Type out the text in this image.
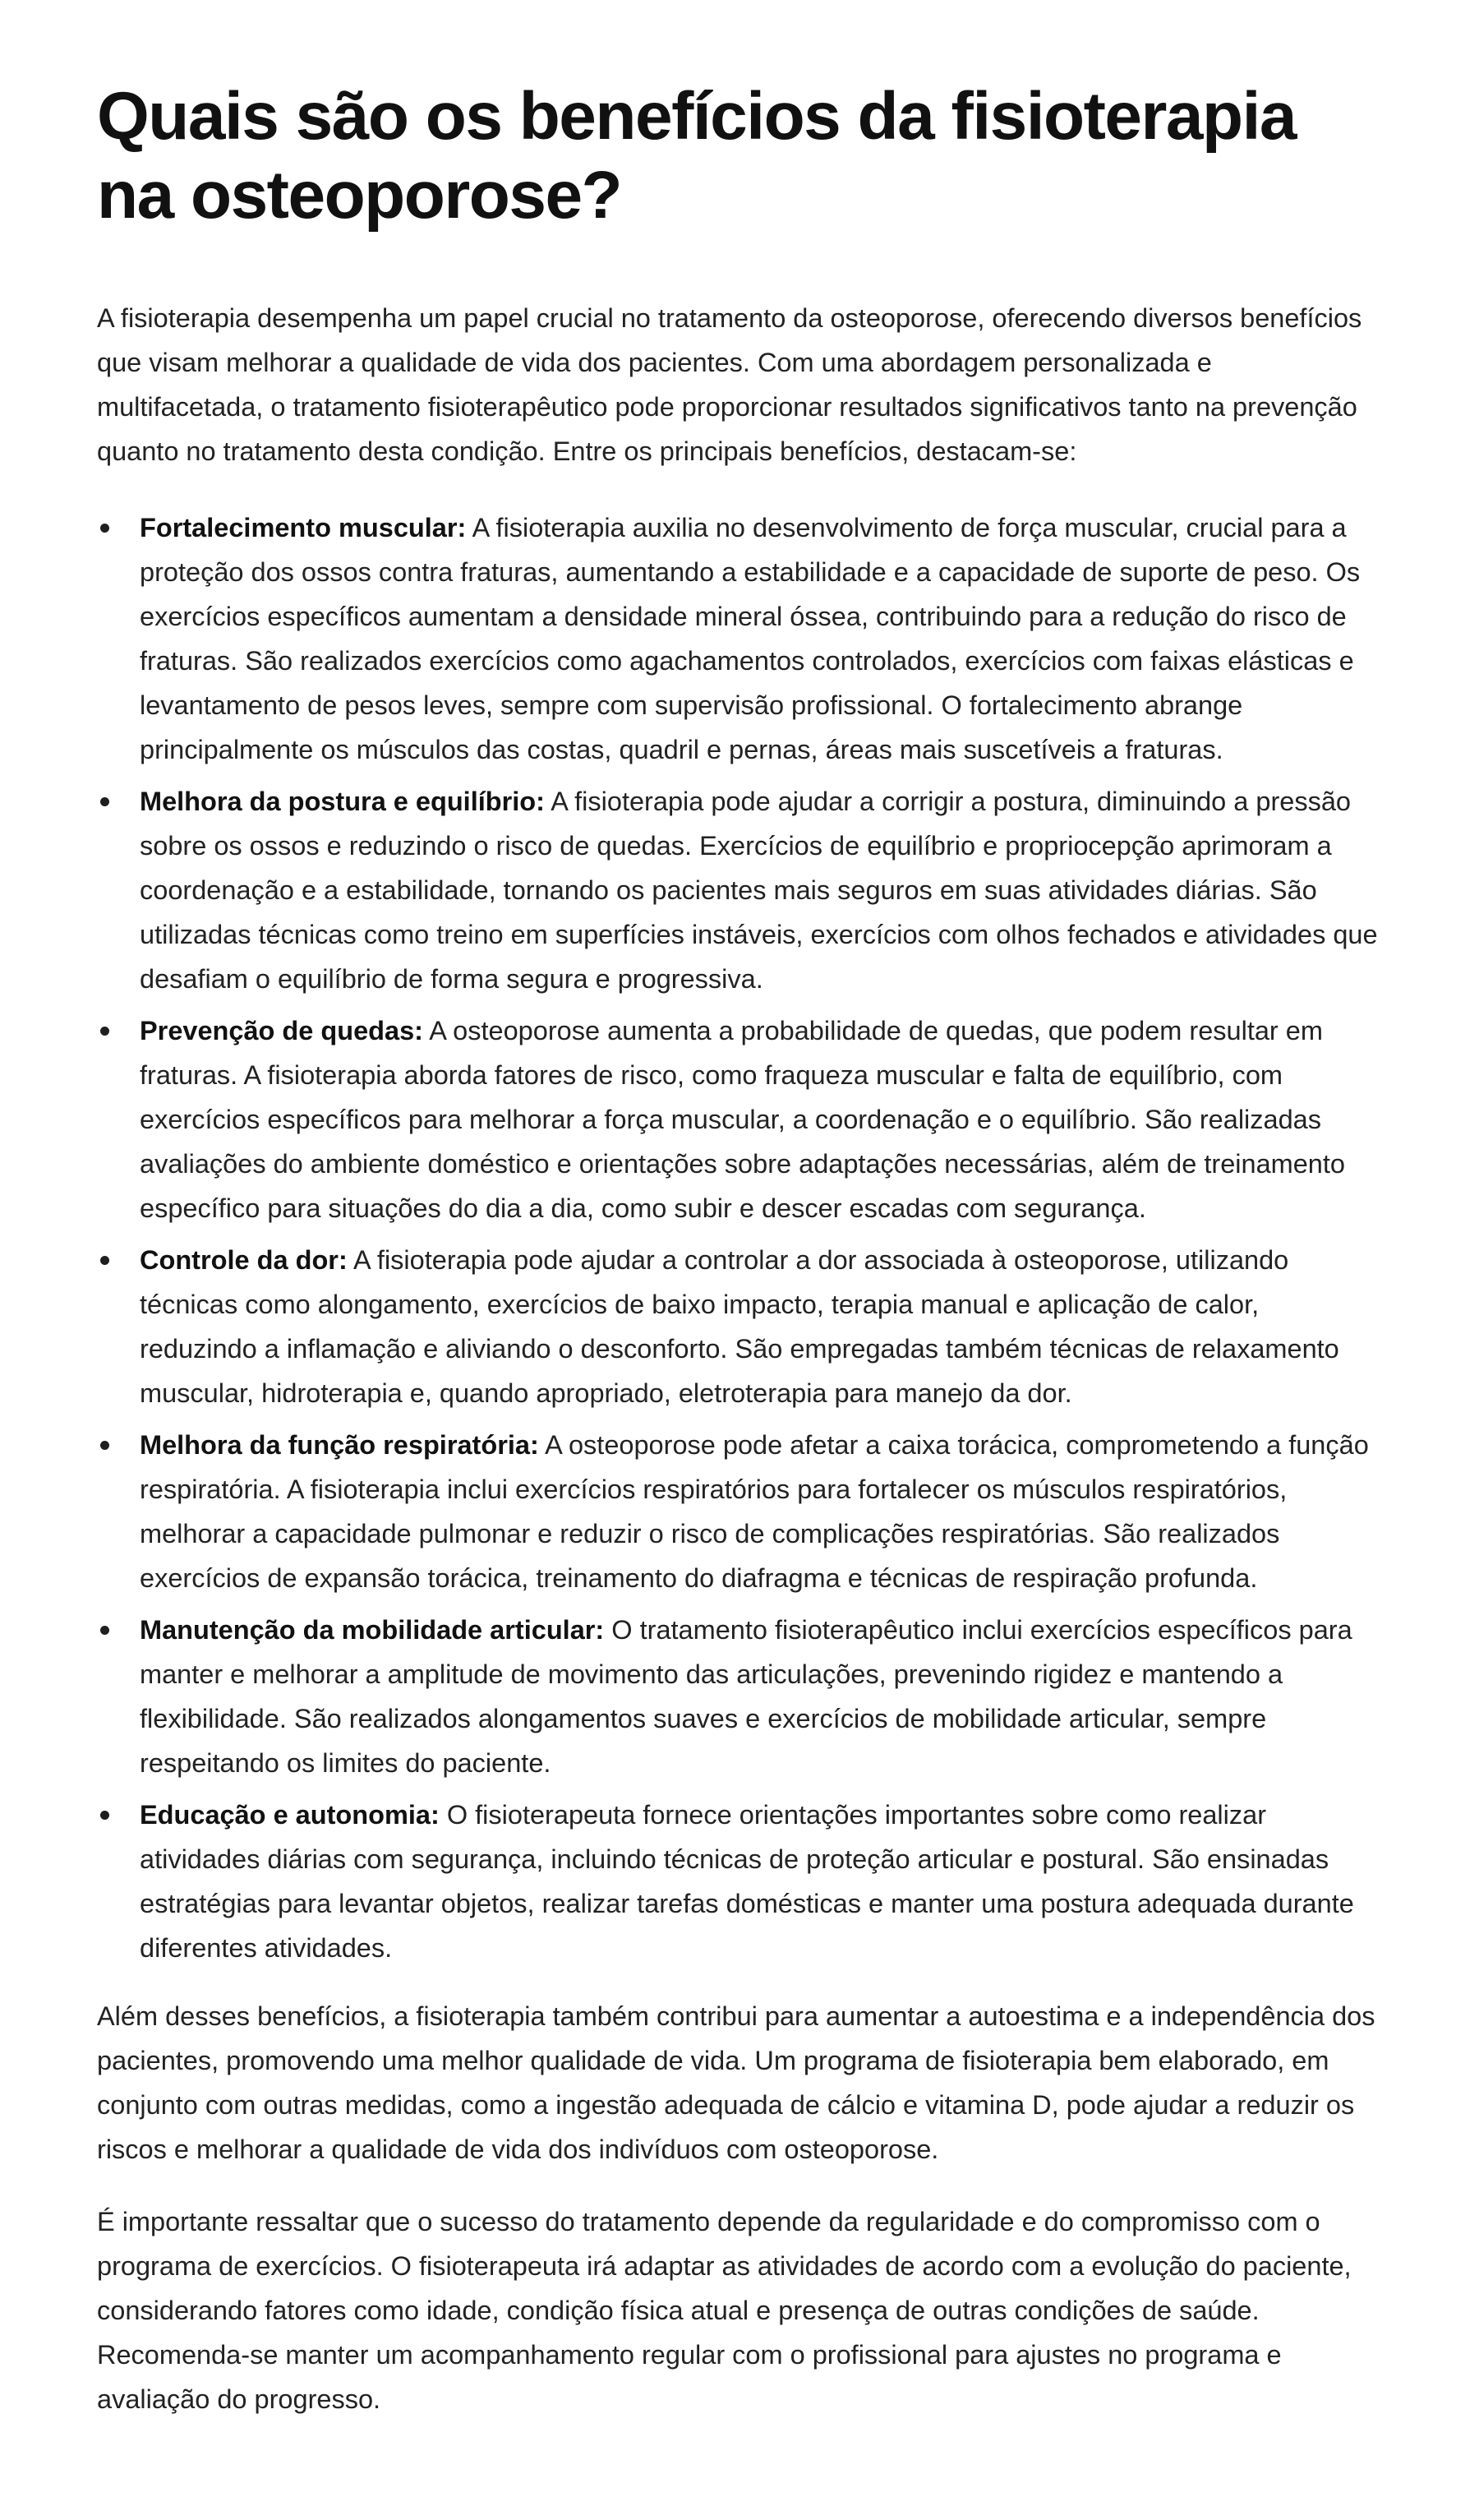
Quais são os benefícios da fisioterapia na osteoporose?

A fisioterapia desempenha um papel crucial no tratamento da osteoporose, oferecendo diversos benefícios que visam melhorar a qualidade de vida dos pacientes. Com uma abordagem personalizada e multifacetada, o tratamento fisioterapêutico pode proporcionar resultados significativos tanto na prevenção quanto no tratamento desta condição. Entre os principais benefícios, destacam-se:

Fortalecimento muscular: A fisioterapia auxilia no desenvolvimento de força muscular, crucial para a proteção dos ossos contra fraturas, aumentando a estabilidade e a capacidade de suporte de peso. Os exercícios específicos aumentam a densidade mineral óssea, contribuindo para a redução do risco de fraturas. São realizados exercícios como agachamentos controlados, exercícios com faixas elásticas e levantamento de pesos leves, sempre com supervisão profissional. O fortalecimento abrange principalmente os músculos das costas, quadril e pernas, áreas mais suscetíveis a fraturas.
Melhora da postura e equilíbrio: A fisioterapia pode ajudar a corrigir a postura, diminuindo a pressão sobre os ossos e reduzindo o risco de quedas. Exercícios de equilíbrio e propriocepção aprimoram a coordenação e a estabilidade, tornando os pacientes mais seguros em suas atividades diárias. São utilizadas técnicas como treino em superfícies instáveis, exercícios com olhos fechados e atividades que desafiam o equilíbrio de forma segura e progressiva.
Prevenção de quedas: A osteoporose aumenta a probabilidade de quedas, que podem resultar em fraturas. A fisioterapia aborda fatores de risco, como fraqueza muscular e falta de equilíbrio, com exercícios específicos para melhorar a força muscular, a coordenação e o equilíbrio. São realizadas avaliações do ambiente doméstico e orientações sobre adaptações necessárias, além de treinamento específico para situações do dia a dia, como subir e descer escadas com segurança.
Controle da dor: A fisioterapia pode ajudar a controlar a dor associada à osteoporose, utilizando técnicas como alongamento, exercícios de baixo impacto, terapia manual e aplicação de calor, reduzindo a inflamação e aliviando o desconforto. São empregadas também técnicas de relaxamento muscular, hidroterapia e, quando apropriado, eletroterapia para manejo da dor.
Melhora da função respiratória: A osteoporose pode afetar a caixa torácica, comprometendo a função respiratória. A fisioterapia inclui exercícios respiratórios para fortalecer os músculos respiratórios, melhorar a capacidade pulmonar e reduzir o risco de complicações respiratórias. São realizados exercícios de expansão torácica, treinamento do diafragma e técnicas de respiração profunda.
Manutenção da mobilidade articular: O tratamento fisioterapêutico inclui exercícios específicos para manter e melhorar a amplitude de movimento das articulações, prevenindo rigidez e mantendo a flexibilidade. São realizados alongamentos suaves e exercícios de mobilidade articular, sempre respeitando os limites do paciente.
Educação e autonomia: O fisioterapeuta fornece orientações importantes sobre como realizar atividades diárias com segurança, incluindo técnicas de proteção articular e postural. São ensinadas estratégias para levantar objetos, realizar tarefas domésticas e manter uma postura adequada durante diferentes atividades.

Além desses benefícios, a fisioterapia também contribui para aumentar a autoestima e a independência dos pacientes, promovendo uma melhor qualidade de vida. Um programa de fisioterapia bem elaborado, em conjunto com outras medidas, como a ingestão adequada de cálcio e vitamina D, pode ajudar a reduzir os riscos e melhorar a qualidade de vida dos indivíduos com osteoporose.

É importante ressaltar que o sucesso do tratamento depende da regularidade e do compromisso com o programa de exercícios. O fisioterapeuta irá adaptar as atividades de acordo com a evolução do paciente, considerando fatores como idade, condição física atual e presença de outras condições de saúde. Recomenda-se manter um acompanhamento regular com o profissional para ajustes no programa e avaliação do progresso.
